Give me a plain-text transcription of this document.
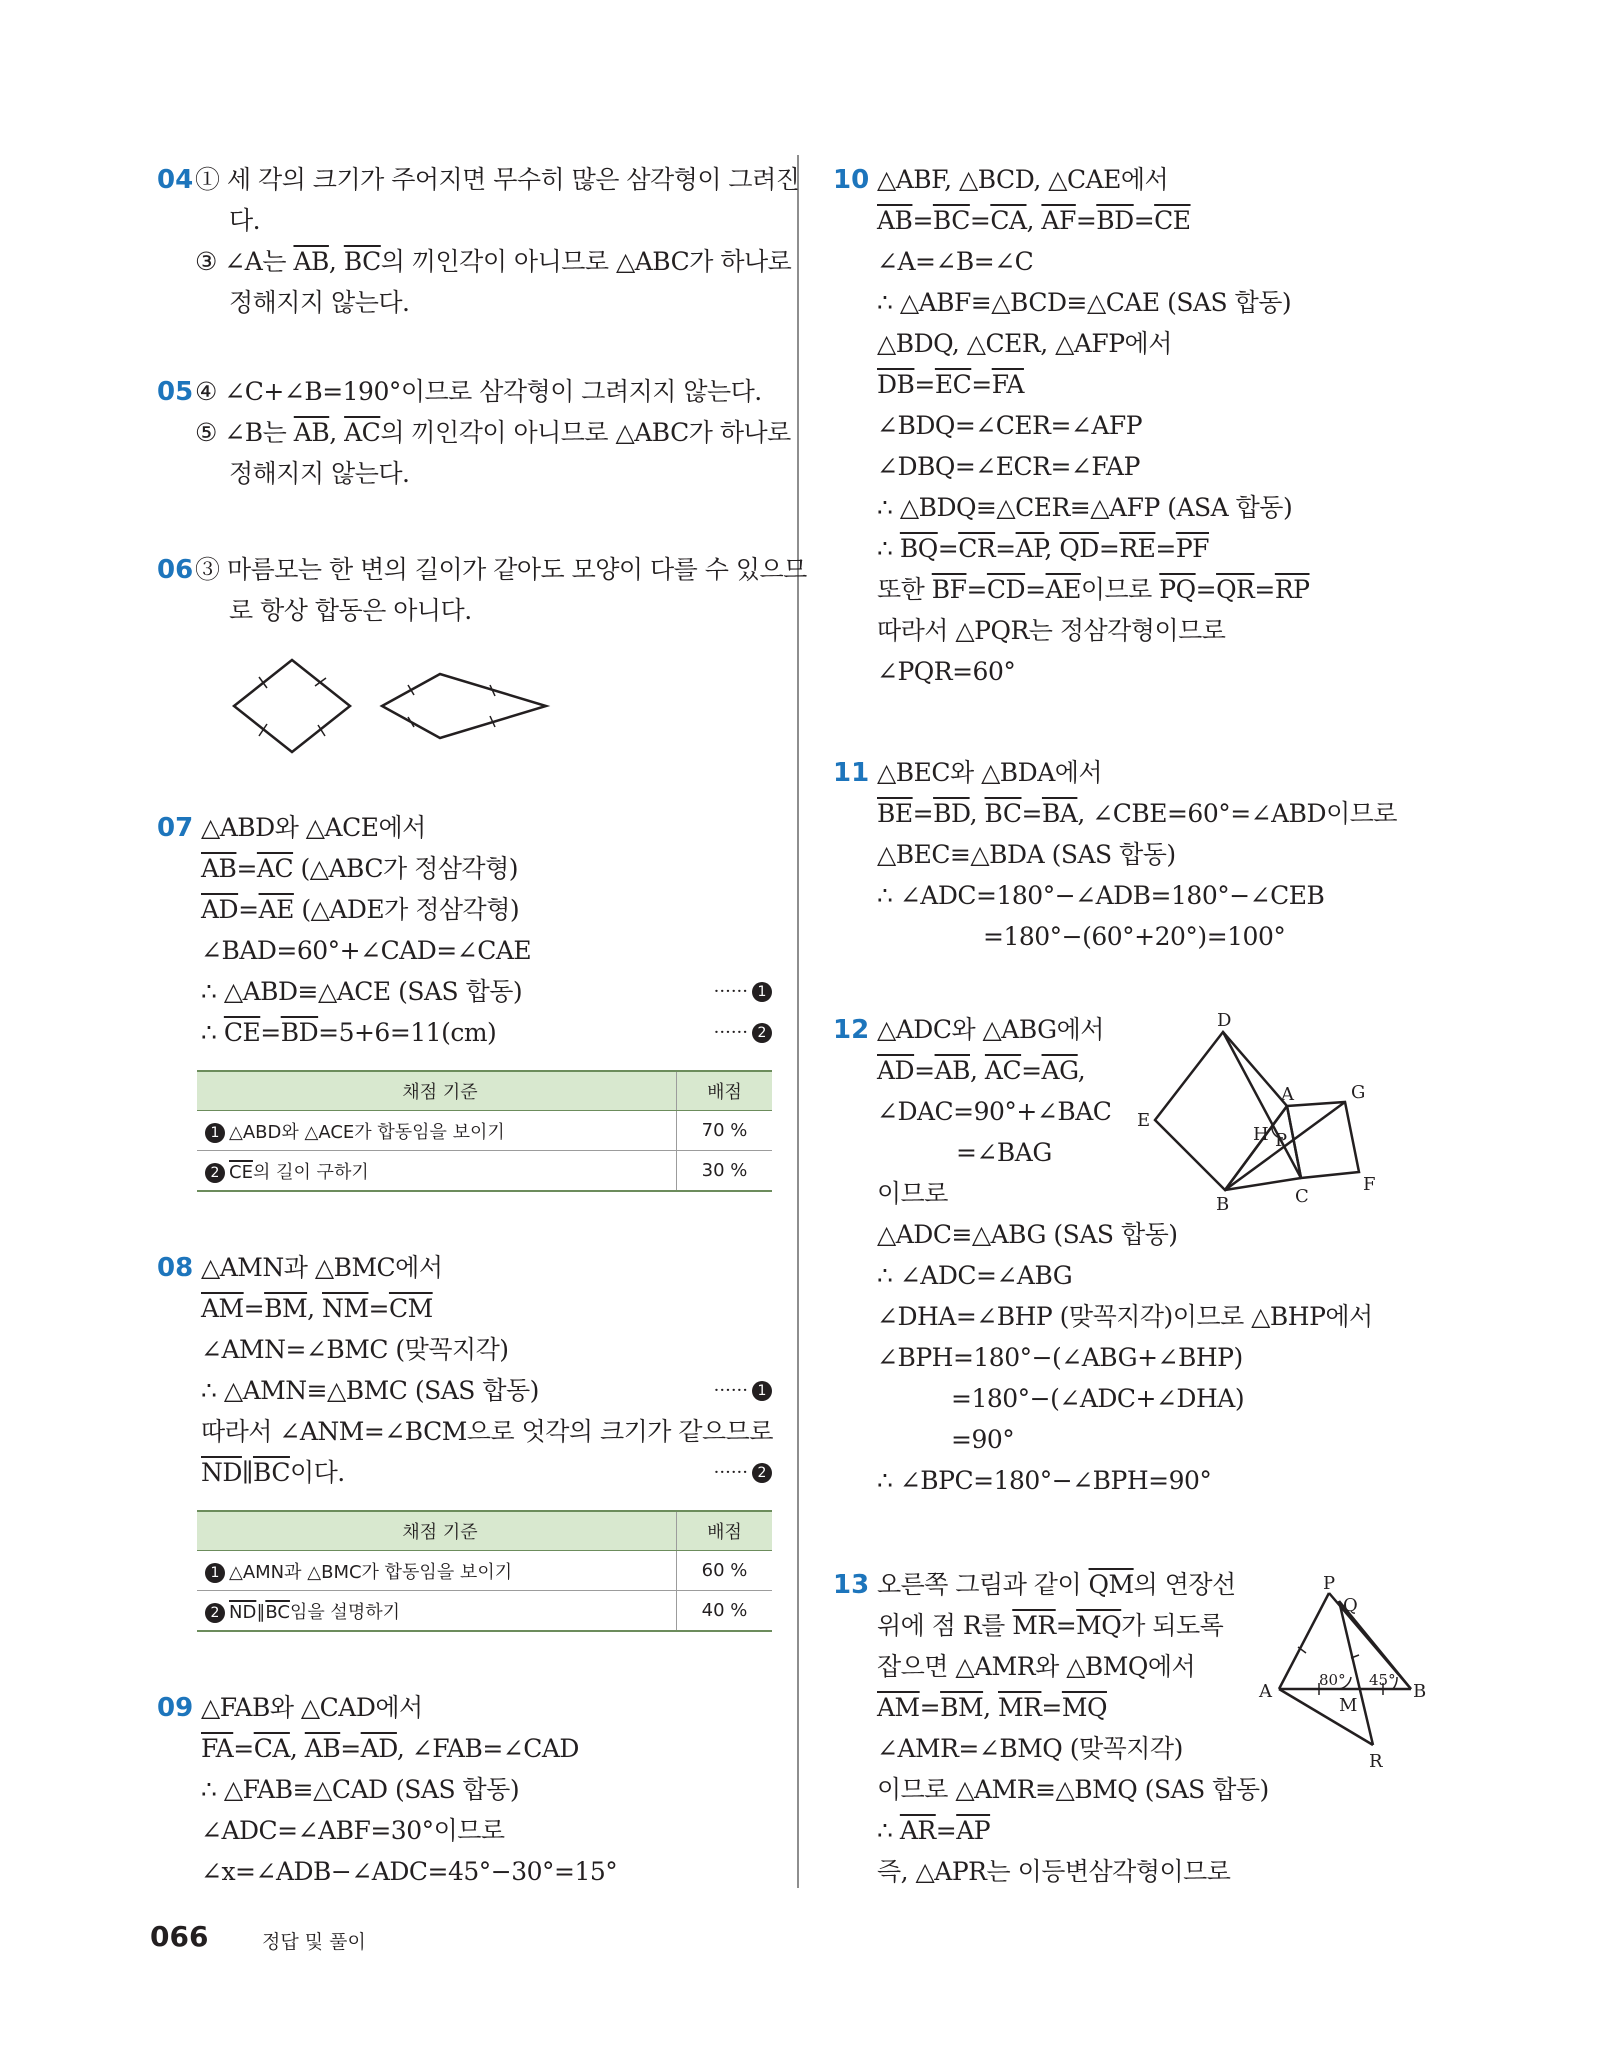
04 ① 세 각의 크기가 주어지면 무수히 많은 삼각형이 그려진
다.
③ ∠A는 $\overline{AB}$, $\overline{BC}$의 끼인각이 아니므로 △ABC가 하나로
정해지지 않는다.
05 ④ ∠C+∠B=190°이므로 삼각형이 그려지지 않는다.
⑤ ∠B는 $\overline{AB}$, $\overline{AC}$의 끼인각이 아니므로 △ABC가 하나로
정해지지 않는다.
06 ③ 마름모는 한 변의 길이가 같아도 모양이 다를 수 있으므
로 항상 합동은 아니다.
07 △ABD와 △ACE에서
$\overline{AB}=\overline{AC}$ (△ABC가 정삼각형)
$\overline{AD}=\overline{AE}$ (△ADE가 정삼각형)
∠BAD=60°+∠CAD=∠CAE
∴ △ABD≡△ACE (SAS 합동)	······ 1
∴ $\overline{CE}=\overline{BD}=5+6=11(cm)$	······ 2
채점 기준	배점
1 △ABD와 △ACE가 합동임을 보이기	70 %
2 $\overline{CE}$의 길이 구하기	30 %
08 △AMN과 △BMC에서
$\overline{AM}=\overline{BM}$, $\overline{NM}=\overline{CM}$
∠AMN=∠BMC (맞꼭지각)
∴ △AMN≡△BMC (SAS 합동)	······ 1
따라서 ∠ANM=∠BCM으로 엇각의 크기가 같으므로
$\overline{ND}\parallel\overline{BC}$이다.	······ 2
채점 기준	배점
1 △AMN과 △BMC가 합동임을 보이기	60 %
2 $\overline{ND}\parallel\overline{BC}$임을 설명하기	40 %
09 △FAB와 △CAD에서
$\overline{FA}=\overline{CA}$, $\overline{AB}=\overline{AD}$, ∠FAB=∠CAD
∴ △FAB≡△CAD (SAS 합동)
∠ADC=∠ABF=30°이므로
∠x=∠ADB−∠ADC=45°−30°=15°
10 △ABF, △BCD, △CAE에서
$\overline{AB}=\overline{BC}=\overline{CA}$, $\overline{AF}=\overline{BD}=\overline{CE}$
∠A=∠B=∠C
∴ △ABF≡△BCD≡△CAE (SAS 합동)
△BDQ, △CER, △AFP에서
$\overline{DB}=\overline{EC}=\overline{FA}$
∠BDQ=∠CER=∠AFP
∠DBQ=∠ECR=∠FAP
∴ △BDQ≡△CER≡△AFP (ASA 합동)
∴ $\overline{BQ}=\overline{CR}=\overline{AP}$, $\overline{QD}=\overline{RE}=\overline{PF}$
또한 $\overline{BF}=\overline{CD}=\overline{AE}$이므로 $\overline{PQ}=\overline{QR}=\overline{RP}$
따라서 △PQR는 정삼각형이므로
∠PQR=60°
11 △BEC와 △BDA에서
$\overline{BE}=\overline{BD}$, $\overline{BC}=\overline{BA}$, ∠CBE=60°=∠ABD이므로
△BEC≡△BDA (SAS 합동)
∴ ∠ADC=180°−∠ADB=180°−∠CEB
=180°−(60°+20°)=100°
12 △ADC와 △ABG에서
$\overline{AD}=\overline{AB}$, $\overline{AC}=\overline{AG}$,
∠DAC=90°+∠BAC
=∠BAG
이므로
△ADC≡△ABG (SAS 합동)
∴ ∠ADC=∠ABG
∠DHA=∠BHP (맞꼭지각)이므로 △BHP에서
∠BPH=180°−(∠ABG+∠BHP)
=180°−(∠ADC+∠DHA)
=90°
∴ ∠BPC=180°−∠BPH=90°
D
E
A	G
H P
B	C
F
13 오른쪽 그림과 같이 $\overline{QM}$의 연장선
위에 점 R를 $\overline{MR}=\overline{MQ}$가 되도록
잡으면 △AMR와 △BMQ에서
$\overline{AM}=\overline{BM}$, $\overline{MR}=\overline{MQ}$
∠AMR=∠BMQ (맞꼭지각)
이므로 △AMR≡△BMQ (SAS 합동)
∴ $\overline{AR}=\overline{AP}$
즉, △APR는 이등변삼각형이므로
P
Q
A
M
B
R
80° 45°
066	정답 및 풀이
